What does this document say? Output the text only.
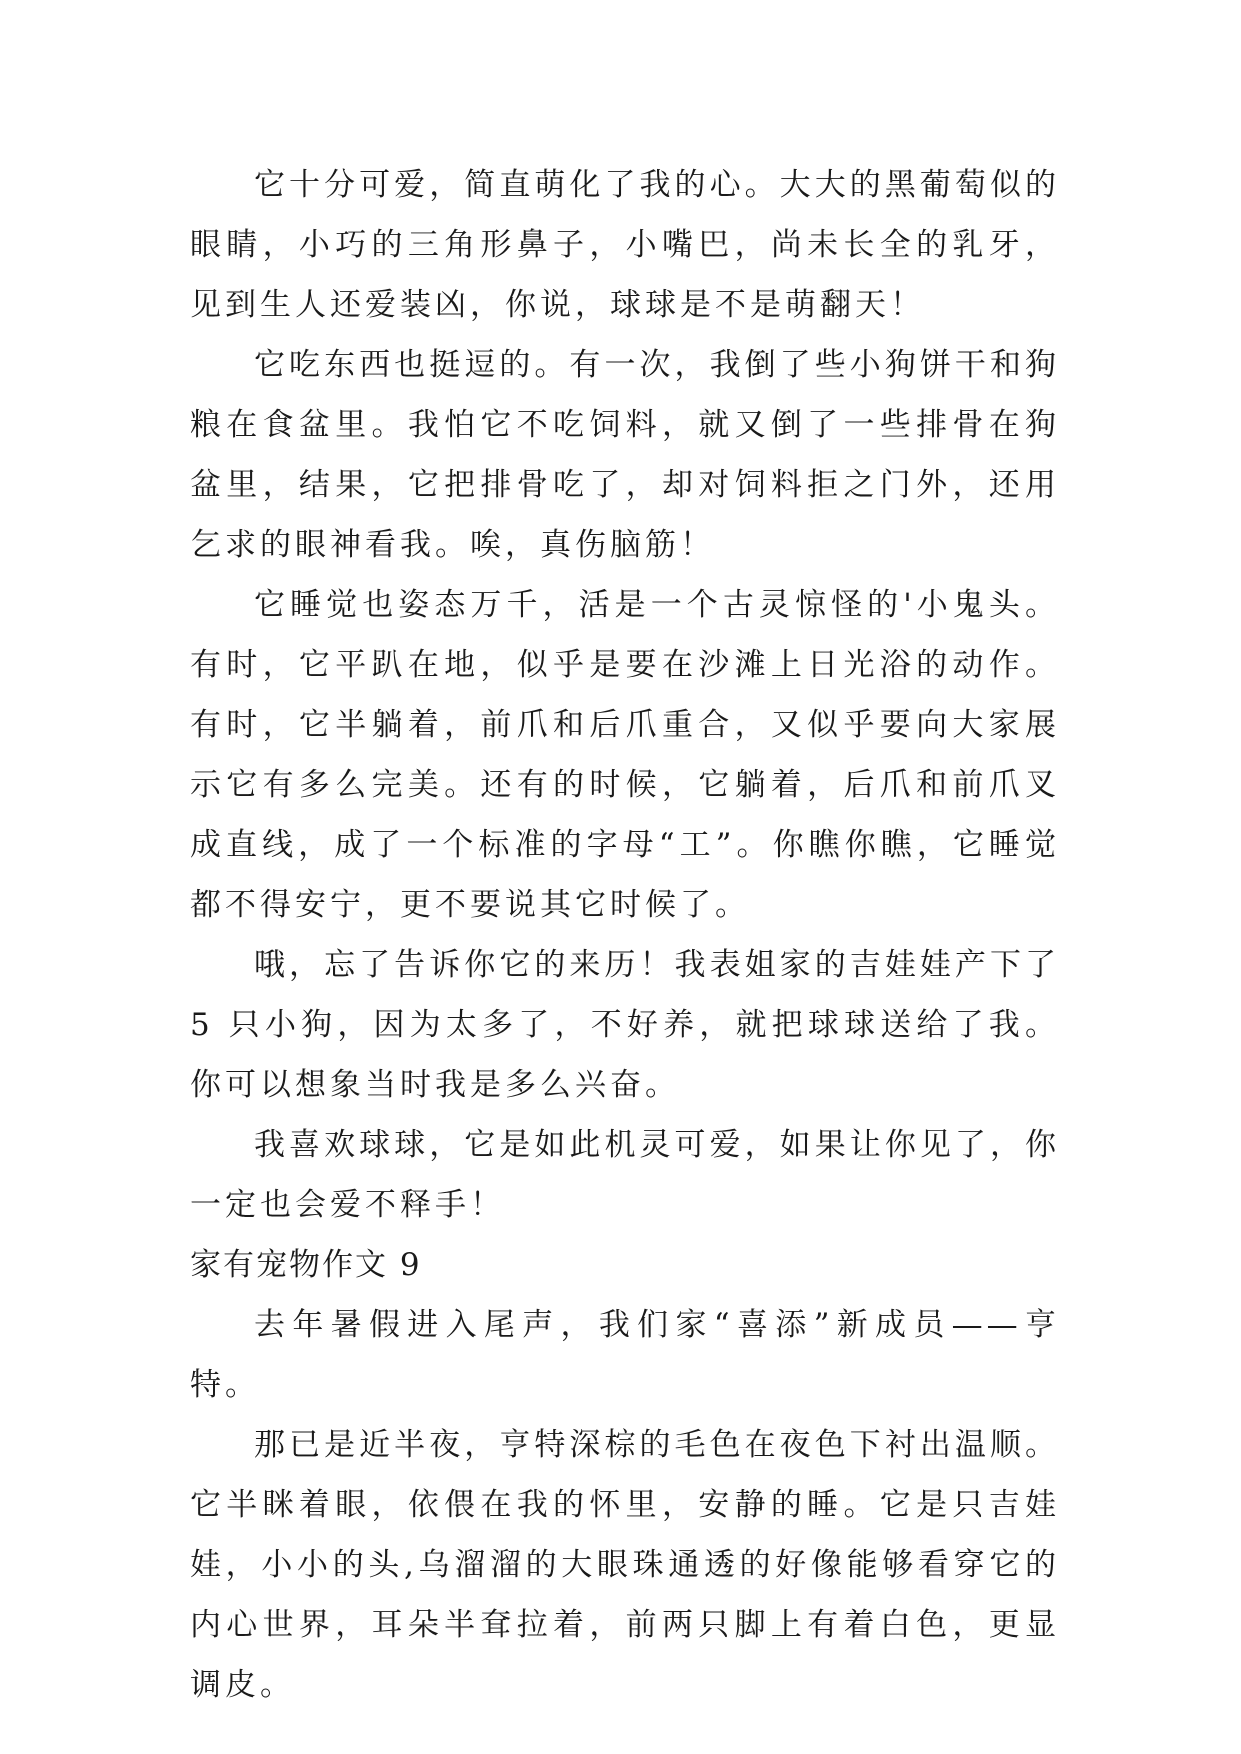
它十分可爱，简直萌化了我的心。大大的黑葡萄似的眼睛，小巧的三角形鼻子，小嘴巴，尚未长全的乳牙，见到生人还爱装凶，你说，球球是不是萌翻天！

它吃东西也挺逗的。有一次，我倒了些小狗饼干和狗粮在食盆里。我怕它不吃饲料，就又倒了一些排骨在狗盆里，结果，它把排骨吃了，却对饲料拒之门外，还用乞求的眼神看我。唉，真伤脑筋！

它睡觉也姿态万千，活是一个古灵惊怪的'小鬼头。有时，它平趴在地，似乎是要在沙滩上日光浴的动作。有时，它半躺着，前爪和后爪重合，又似乎要向大家展示它有多么完美。还有的时候，它躺着，后爪和前爪叉成直线，成了一个标准的字母“工”。你瞧你瞧，它睡觉都不得安宁，更不要说其它时候了。

哦，忘了告诉你它的来历！我表姐家的吉娃娃产下了 5 只小狗，因为太多了，不好养，就把球球送给了我。你可以想象当时我是多么兴奋。

我喜欢球球，它是如此机灵可爱，如果让你见了，你一定也会爱不释手！

家有宠物作文 9

去年暑假进入尾声，我们家“喜添”新成员——亨特。

那已是近半夜，亨特深棕的毛色在夜色下衬出温顺。它半眯着眼，依偎在我的怀里，安静的睡。它是只吉娃娃，小小的头,乌溜溜的大眼珠通透的好像能够看穿它的内心世界，耳朵半耷拉着，前两只脚上有着白色，更显调皮。
